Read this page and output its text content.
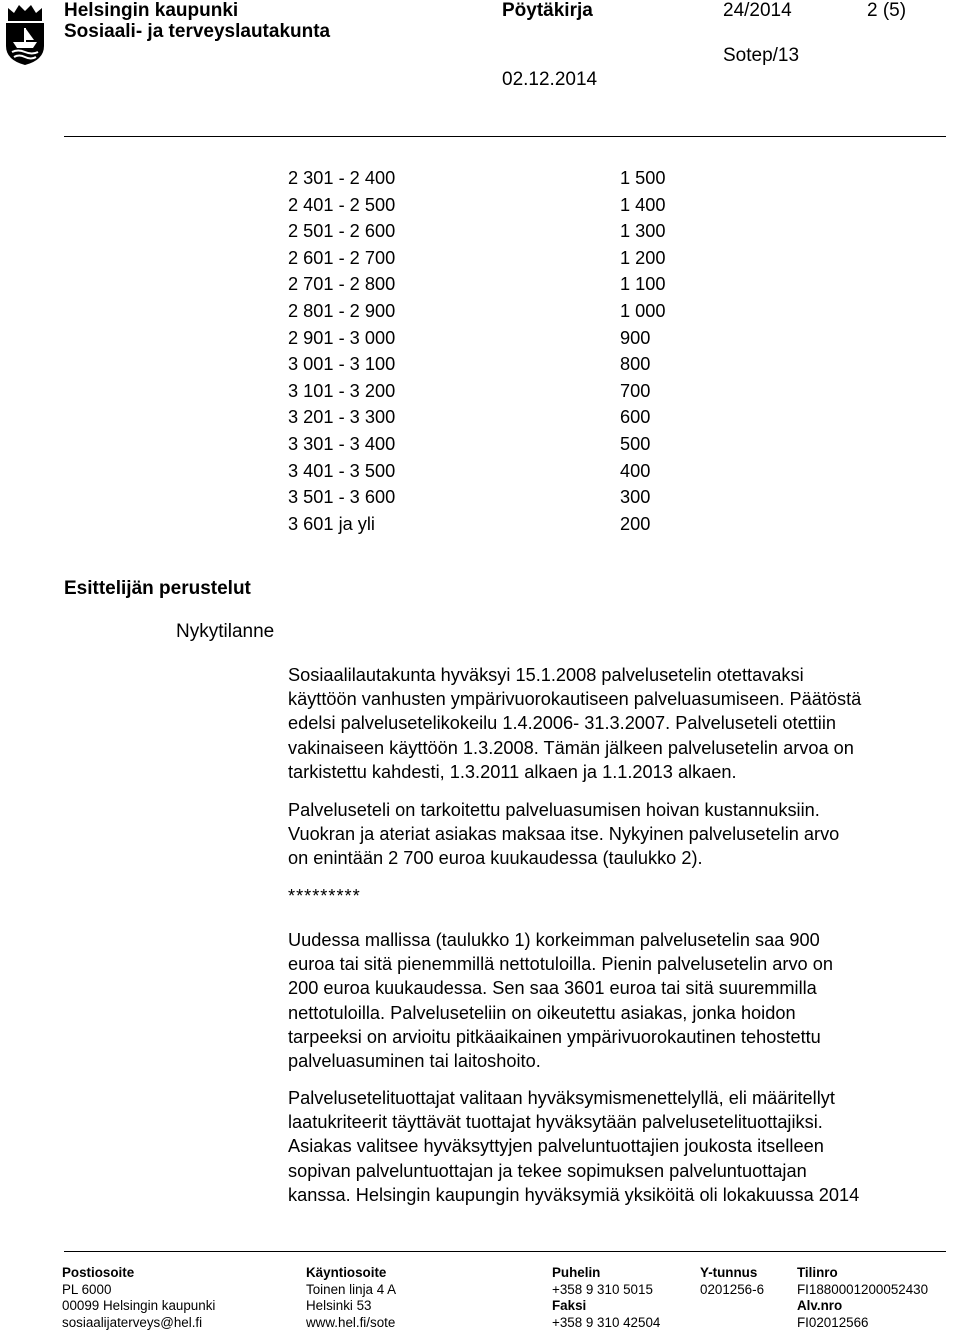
Helsingin kaupunki
Sosiaali- ja terveyslautakunta
Pöytäkirja	24/2014	2 (5)
Sotep/13
02.12.2014
2 301 - 2 400	1 500
2 401 - 2 500	1 400
2 501 - 2 600	1 300
2 601 - 2 700	1 200
2 701 - 2 800	1 100
2 801 - 2 900	1 000
2 901 - 3 000	900
3 001 - 3 100	800
3 101 - 3 200	700
3 201 - 3 300	600
3 301 - 3 400	500
3 401 - 3 500	400
3 501 - 3 600	300
3 601 ja yli	200
Esittelijän perustelut
Nykytilanne
Sosiaalilautakunta hyväksyi 15.1.2008 palvelusetelin otettavaksi
käyttöön vanhusten ympärivuorokautiseen palveluasumiseen. Päätöstä
edelsi palvelusetelikokeilu 1.4.2006- 31.3.2007. Palveluseteli otettiin
vakinaiseen käyttöön 1.3.2008. Tämän jälkeen palvelusetelin arvoa on
tarkistettu kahdesti, 1.3.2011 alkaen ja 1.1.2013 alkaen.
Palveluseteli on tarkoitettu palveluasumisen hoivan kustannuksiin.
Vuokran ja ateriat asiakas maksaa itse. Nykyinen palvelusetelin arvo
on enintään 2 700 euroa kuukaudessa (taulukko 2).
*********
Uudessa mallissa (taulukko 1) korkeimman palvelusetelin saa 900
euroa tai sitä pienemmillä nettotuloilla. Pienin palvelusetelin arvo on
200 euroa kuukaudessa. Sen saa 3601 euroa tai sitä suuremmilla
nettotuloilla. Palveluseteliin on oikeutettu asiakas, jonka hoidon
tarpeeksi on arvioitu pitkäaikainen ympärivuorokautinen tehostettu
palveluasuminen tai laitoshoito.
Palvelusetelituottajat valitaan hyväksymismenettelyllä, eli määritellyt
laatukriteerit täyttävät tuottajat hyväksytään palvelusetelituottajiksi.
Asiakas valitsee hyväksyttyjen palveluntuottajien joukosta itselleen
sopivan palveluntuottajan ja tekee sopimuksen palveluntuottajan
kanssa. Helsingin kaupungin hyväksymiä yksiköitä oli lokakuussa 2014
Postiosoite
PL 6000
00099 Helsingin kaupunki
sosiaalijaterveys@hel.fi
Käyntiosoite
Toinen linja 4 A
Helsinki 53
www.hel.fi/sote
Puhelin
+358 9 310 5015
Faksi
+358 9 310 42504
Y-tunnus
0201256-6
Tilinro
FI1880001200052430
Alv.nro
FI02012566
